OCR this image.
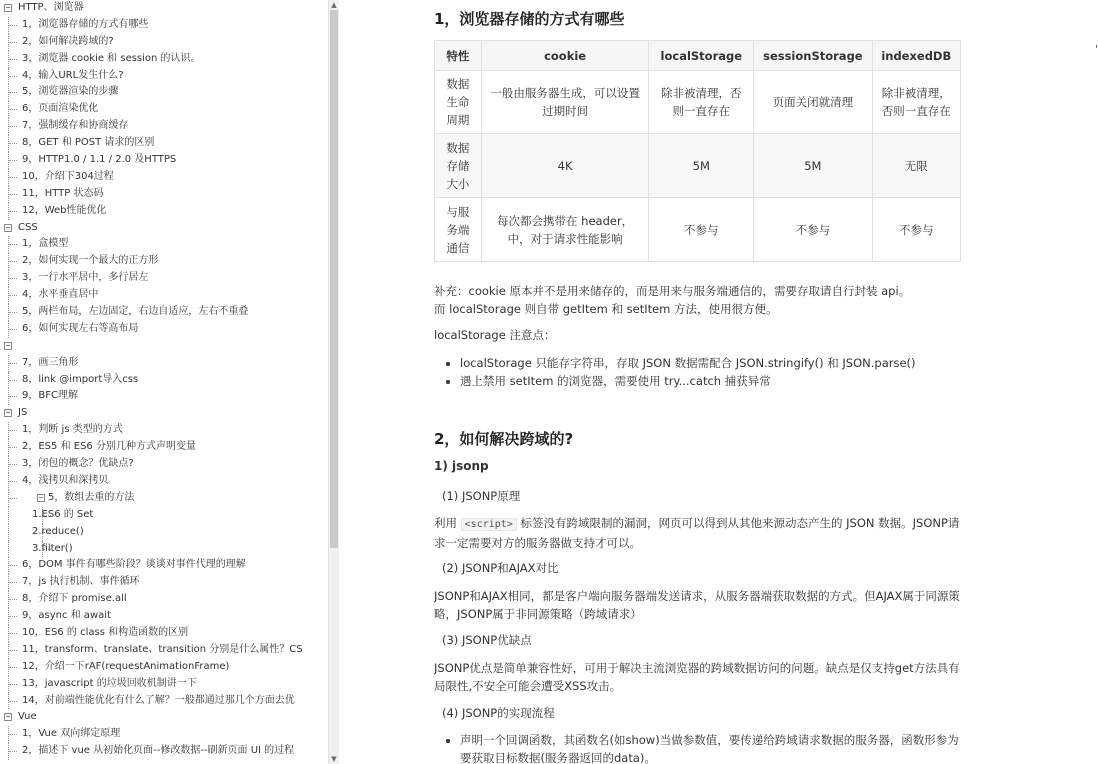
− HTTP、浏览器
1，浏览器存储的方式有哪些
2，如何解决跨域的?
3，浏览器 cookie 和 session 的认识。
4，输入URL发生什么?
5，浏览器渲染的步骤
6，页面渲染优化
7，强制缓存和协商缓存
8，GET 和 POST 请求的区别
9，HTTP1.0 / 1.1 / 2.0 及HTTPS
10，介绍下304过程
11，HTTP 状态码
12，Web性能优化
− CSS
1，盒模型
2，如何实现一个最大的正方形
3，一行水平居中，多行居左
4，水平垂直居中
5，两栏布局，左边固定，右边自适应，左右不重叠
6，如何实现左右等高布局
−
7，画三角形
8，link @import导入css
9，BFC理解
− JS
1，判断 js 类型的方式
2，ES5 和 ES6 分别几种方式声明变量
3，闭包的概念？优缺点?
4，浅拷贝和深拷贝
− 5，数组去重的方法
1.ES6 的 Set
2.reduce()
3.filter()
6，DOM 事件有哪些阶段？谈谈对事件代理的理解
7，js 执行机制、事件循环
8，介绍下 promise.all
9，async 和 await
10，ES6 的 class 和构造函数的区别
11，transform、translate、transition 分别是什么属性？CS
12，介绍一下rAF(requestAnimationFrame)
13，javascript 的垃圾回收机制讲一下
14，对前端性能优化有什么了解？一般都通过那几个方面去优
− Vue
1，Vue 双向绑定原理
2，描述下 vue 从初始化页面--修改数据--刷新页面 UI 的过程
▲
▼
1，浏览器存储的方式有哪些
特性	cookie	localStorage	sessionStorage	indexedDB
数据生命周期	一般由服务器生成，可以设置过期时间	除非被清理，否则一直存在	页面关闭就清理	除非被清理，否则一直存在
数据存储大小	4K	5M	5M	无限
与服务端通信	每次都会携带在 header，中，对于请求性能影响	不参与	不参与	不参与
补充：cookie 原本并不是用来储存的，而是用来与服务端通信的，需要存取请自行封装 api。
而 localStorage 则自带 getItem 和 setItem 方法，使用很方便。
localStorage 注意点：
• localStorage 只能存字符串，存取 JSON 数据需配合 JSON.stringify() 和 JSON.parse()
• 遇上禁用 setItem 的浏览器，需要使用 try...catch 捕获异常
2，如何解决跨域的?
1) jsonp
(1) JSONP原理
利用 <script> 标签没有跨域限制的漏洞，网页可以得到从其他来源动态产生的 JSON 数据。JSONP请求一定需要对方的服务器做支持才可以。
(2) JSONP和AJAX对比
JSONP和AJAX相同，都是客户端向服务器端发送请求，从服务器端获取数据的方式。但AJAX属于同源策略，JSONP属于非同源策略（跨域请求）
(3) JSONP优缺点
JSONP优点是简单兼容性好，可用于解决主流浏览器的跨域数据访问的问题。缺点是仅支持get方法具有局限性,不安全可能会遭受XSS攻击。
(4) JSONP的实现流程
• 声明一个回调函数，其函数名(如show)当做参数值，要传递给跨域请求数据的服务器，函数形参为要获取目标数据(服务器返回的data)。
'
